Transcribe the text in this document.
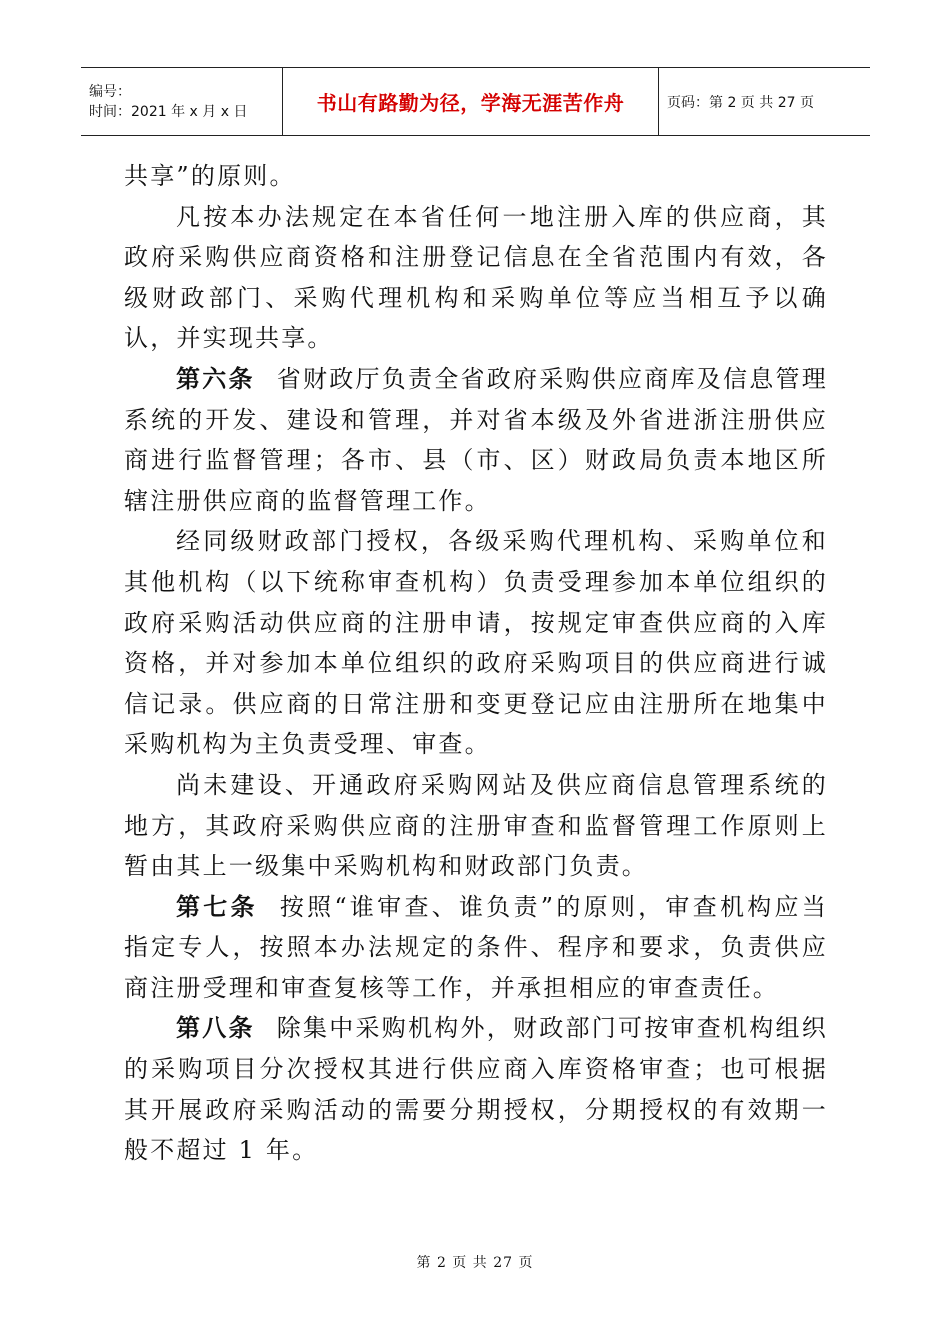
编号：
时间：2021 年 x 月 x 日	书山有路勤为径，学海无涯苦作舟	页码：第 2 页 共 27 页

共享”的原则。

凡按本办法规定在本省任何一地注册入库的供应商，其政府采购供应商资格和注册登记信息在全省范围内有效，各级财政部门、采购代理机构和采购单位等应当相互予以确认，并实现共享。

第六条 省财政厅负责全省政府采购供应商库及信息管理系统的开发、建设和管理，并对省本级及外省进浙注册供应商进行监督管理；各市、县（市、区）财政局负责本地区所辖注册供应商的监督管理工作。

经同级财政部门授权，各级采购代理机构、采购单位和其他机构（以下统称审查机构）负责受理参加本单位组织的政府采购活动供应商的注册申请，按规定审查供应商的入库资格，并对参加本单位组织的政府采购项目的供应商进行诚信记录。供应商的日常注册和变更登记应由注册所在地集中采购机构为主负责受理、审查。

尚未建设、开通政府采购网站及供应商信息管理系统的地方，其政府采购供应商的注册审查和监督管理工作原则上暂由其上一级集中采购机构和财政部门负责。

第七条 按照“谁审查、谁负责”的原则，审查机构应当指定专人，按照本办法规定的条件、程序和要求，负责供应商注册受理和审查复核等工作，并承担相应的审查责任。

第八条 除集中采购机构外，财政部门可按审查机构组织的采购项目分次授权其进行供应商入库资格审查；也可根据其开展政府采购活动的需要分期授权，分期授权的有效期一般不超过 1 年。

第 2 页 共 27 页
